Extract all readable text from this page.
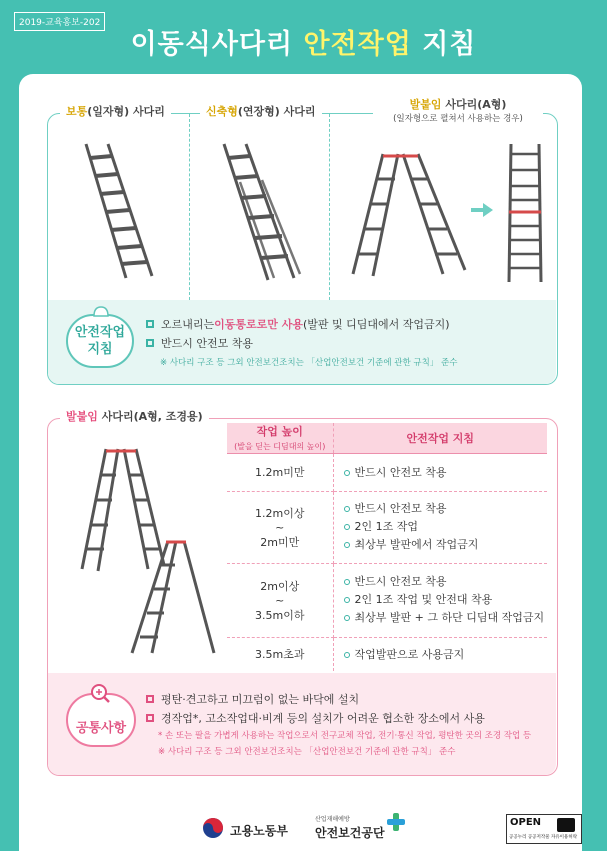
2019-교육홍보-202
이동식사다리 안전작업 지침
보통(일자형) 사다리	신축형(연장형) 사다리
발붙임 사다리(A형)
(일자형으로 펼쳐서 사용하는 경우)
안전작업
지침
오르내리는 이동통로로만 사용 (발판 및 디딤대에서 작업금지)
반드시 안전모 착용
※ 사다리 구조 등 그외 안전보건조치는 「산업안전보건 기준에 관한 규칙」 준수
발붙임 사다리(A형, 조경용)
작업 높이
(발을 딛는 디딤대의 높이)	안전작업 지침
1.2m미만	반드시 안전모 착용
1.2m이상
~
2m미만	반드시 안전모 착용
2인 1조 작업
최상부 발판에서 작업금지
2m이상
~
3.5m이하	반드시 안전모 착용
2인 1조 작업 및 안전대 착용
최상부 발판 + 그 하단 디딤대 작업금지
3.5m초과	작업발판으로 사용금지
공통사항
평탄·견고하고 미끄럼이 없는 바닥에 설치
경작업*, 고소작업대·비계 등의 설치가 어려운 협소한 장소에서 사용
* 손 또는 팔을 가볍게 사용하는 작업으로서 전구교체 작업, 전기·통신 작업, 평탄한 곳의 조경 작업 등
※ 사다리 구조 등 그외 안전보건조치는 「산업안전보건 기준에 관한 규칙」 준수
고용노동부
산업재해예방
안전보건공단
OPEN
공공누리 공공저작물 자유이용허락
